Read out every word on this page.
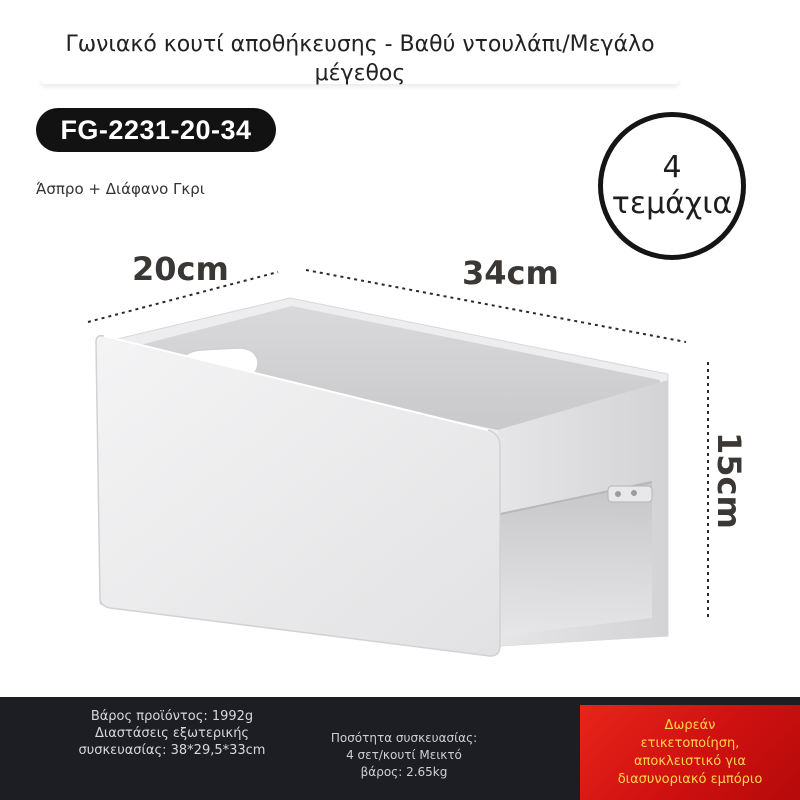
Γωνιακό κουτί αποθήκευσης - Βαθύ ντουλάπι/Μεγάλο
μέγεθος
FG-2231-20-34
Άσπρο + Διάφανο Γκρι
4
τεμάχια
20cm	34cm
15cm
Βάρος προϊόντος: 1992g
Διαστάσεις εξωτερικής
συσκευασίας: 38*29,5*33cm
Ποσότητα συσκευασίας:
4 σετ/κουτί Μεικτό
βάρος: 2.65kg
Δωρεάν
ετικετοποίηση,
αποκλειστικό για
διασυνοριακό εμπόριο
